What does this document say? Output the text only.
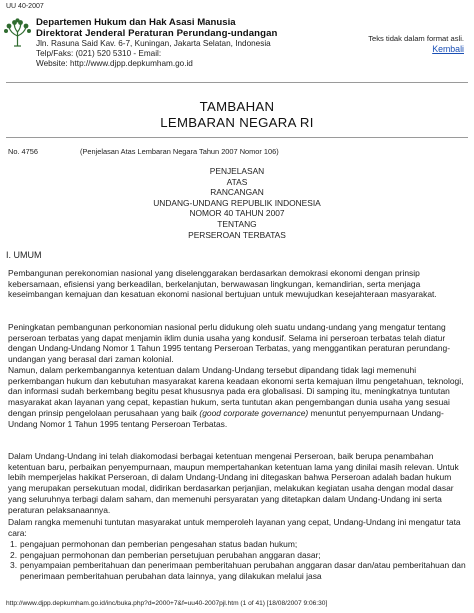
UU 40-2007
Departemen Hukum dan Hak Asasi Manusia
Direktorat Jenderal Peraturan Perundang-undangan
Jln. Rasuna Said Kav. 6-7, Kuningan, Jakarta Selatan, Indonesia
Telp/Faks: (021) 520 5310 - Email:
Website: http://www.djpp.depkumham.go.id
Teks tidak dalam format asli.
Kembali
TAMBAHAN
LEMBARAN NEGARA RI
No. 4756	(Penjelasan Atas Lembaran Negara Tahun 2007 Nomor 106)
PENJELASAN
ATAS
RANCANGAN
UNDANG-UNDANG REPUBLIK INDONESIA
NOMOR 40 TAHUN 2007
TENTANG
PERSEROAN TERBATAS
I. UMUM
Pembangunan perekonomian nasional yang diselenggarakan berdasarkan demokrasi ekonomi dengan prinsip kebersamaan, efisiensi yang berkeadilan, berkelanjutan, berwawasan lingkungan, kemandirian, serta menjaga keseimbangan kemajuan dan kesatuan ekonomi nasional bertujuan untuk mewujudkan kesejahteraan masyarakat.
Peningkatan pembangunan perkonomian nasional perlu didukung oleh suatu undang-undang yang mengatur tentang perseroan terbatas yang dapat menjamin iklim dunia usaha yang kondusif. Selama ini perseroan terbatas telah diatur dengan Undang-Undang Nomor 1 Tahun 1995 tentang Perseroan Terbatas, yang menggantikan peraturan perundang-undangan yang berasal dari zaman kolonial.
Namun, dalam perkembangannya ketentuan dalam Undang-Undang tersebut dipandang tidak lagi memenuhi perkembangan hukum dan kebutuhan masyarakat karena keadaan ekonomi serta kemajuan ilmu pengetahuan, teknologi, dan informasi sudah berkembang begitu pesat khususnya pada era globalisasi. Di samping itu, meningkatnya tuntutan masyarakat akan layanan yang cepat, kepastian hukum, serta tuntutan akan pengembangan dunia usaha yang sesuai dengan prinsip pengelolaan perusahaan yang baik (good corporate governance) menuntut penyempurnaan Undang-Undang Nomor 1 Tahun 1995 tentang Perseroan Terbatas.
Dalam Undang-Undang ini telah diakomodasi berbagai ketentuan mengenai Perseroan, baik berupa penambahan ketentuan baru, perbaikan penyempurnaan, maupun mempertahankan ketentuan lama yang dinilai masih relevan. Untuk lebih memperjelas hakikat Perseroan, di dalam Undang-Undang ini ditegaskan bahwa Perseroan adalah badan hukum yang merupakan persekutuan modal, didirikan berdasarkan perjanjian, melakukan kegiatan usaha dengan modal dasar yang seluruhnya terbagi dalam saham, dan memenuhi persyaratan yang ditetapkan dalam Undang-Undang ini serta peraturan pelaksanaannya.
Dalam rangka memenuhi tuntutan masyarakat untuk memperoleh layanan yang cepat, Undang-Undang ini mengatur tata cara:
1. pengajuan permohonan dan pemberian pengesahan status badan hukum;
2. pengajuan permohonan dan pemberian persetujuan perubahan anggaran dasar;
3. penyampaian pemberitahuan dan penerimaan pemberitahuan perubahan anggaran dasar dan/atau pemberitahuan dan penerimaan pemberitahuan perubahan data lainnya, yang dilakukan melalui jasa
http://www.djpp.depkumham.go.id/inc/buka.php?d=2000+7&f=uu40-2007pjl.htm (1 of 41) [18/08/2007 9:06:30]
